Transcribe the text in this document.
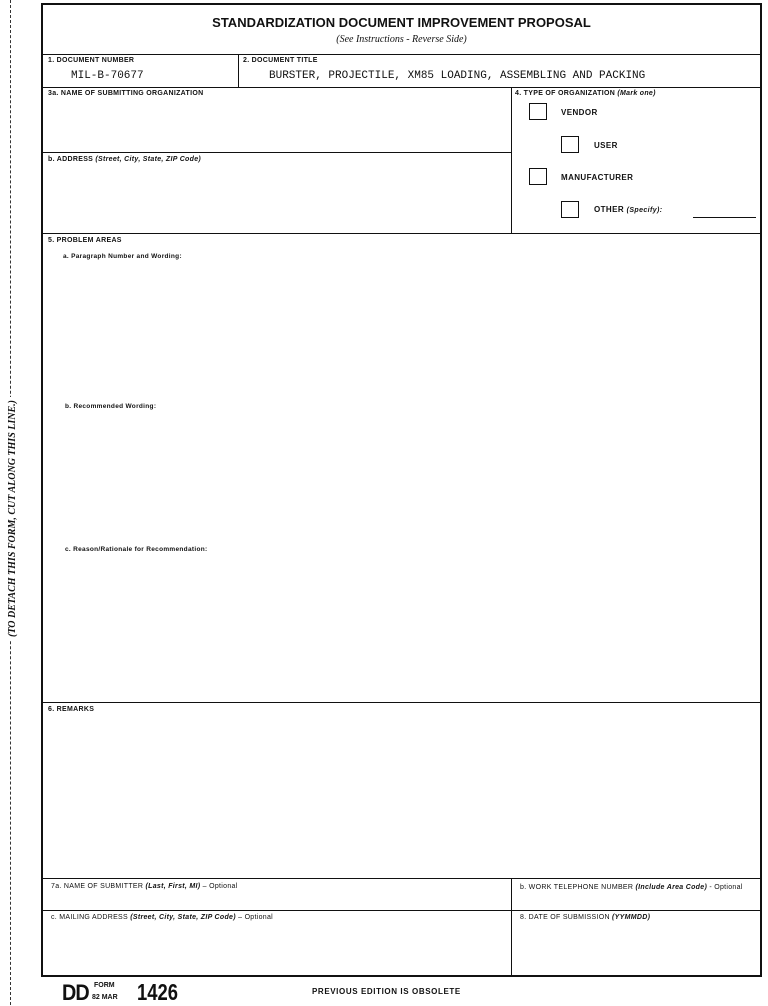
(TO DETACH THIS FORM, CUT ALONG THIS LINE.)
STANDARDIZATION DOCUMENT IMPROVEMENT PROPOSAL
(See Instructions - Reverse Side)
1. DOCUMENT NUMBER
MIL-B-70677
2. DOCUMENT TITLE
BURSTER, PROJECTILE, XM85 LOADING, ASSEMBLING AND PACKING
3a. NAME OF SUBMITTING ORGANIZATION
b. ADDRESS (Street, City, State, ZIP Code)
4. TYPE OF ORGANIZATION (Mark one)
VENDOR
USER
MANUFACTURER
OTHER (Specify):
5. PROBLEM AREAS
a. Paragraph Number and Wording:
b. Recommended Wording:
c. Reason/Rationale for Recommendation:
6. REMARKS
7a. NAME OF SUBMITTER (Last, First, MI) – Optional	b. WORK TELEPHONE NUMBER (Include Area Code) - Optional
c. MAILING ADDRESS (Street, City, State, ZIP Code) – Optional	8. DATE OF SUBMISSION (YYMMDD)
DD FORM
82 MAR 1426	PREVIOUS EDITION IS OBSOLETE
